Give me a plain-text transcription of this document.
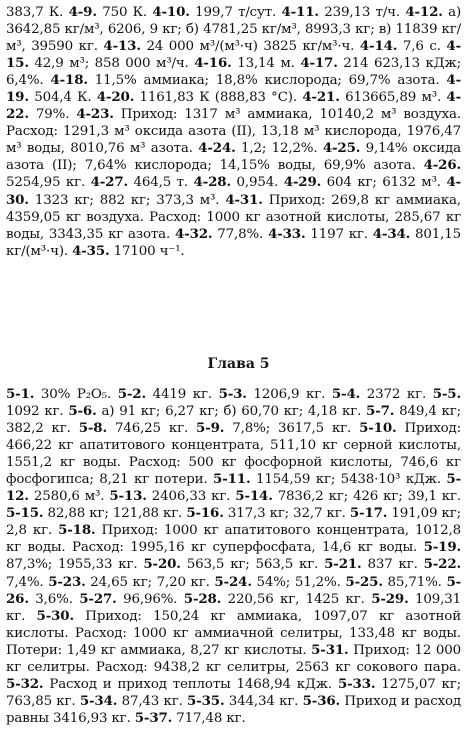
383,7 К. 4-9. 750 К. 4-10. 199,7 т/сут. 4-11. 239,13 т/ч. 4-12. а) 3642,85 кг/м³, 6206, 9 кг; б) 4781,25 кг/м³, 8993,3 кг; в) 11839 кг/м³, 39590 кг. 4-13. 24 000 м³/(м³·ч) 3825 кг/м³·ч. 4-14. 7,6 с. 4-15. 42,9 м³; 858 000 м³/ч. 4-16. 13,14 м. 4-17. 214 623,13 кДж; 6,4%. 4-18. 11,5% аммиака; 18,8% кислорода; 69,7% азота. 4-19. 504,4 К. 4-20. 1161,83 К (888,83 °С). 4-21. 613665,89 м³. 4-22. 79%. 4-23. Приход: 1317 м³ аммиака, 10140,2 м³ воздуха. Расход: 1291,3 м³ оксида азота (II), 13,18 м³ кислорода, 1976,47 м³ воды, 8010,76 м³ азота. 4-24. 1,2; 12,2%. 4-25. 9,14% оксида азота (II); 7,64% кислорода; 14,15% воды, 69,9% азота. 4-26. 5254,95 кг. 4-27. 464,5 т. 4-28. 0,954. 4-29. 604 кг; 6132 м³. 4-30. 1323 кг; 882 кг; 373,3 м³. 4-31. Приход: 269,8 кг аммиака, 4359,05 кг воздуха. Расход: 1000 кг азотной кислоты, 285,67 кг воды, 3343,35 кг азота. 4-32. 77,8%. 4-33. 1197 кг. 4-34. 801,15 кг/(м³·ч). 4-35. 17100 ч⁻¹.

Глава 5

5-1. 30% P₂O₅. 5-2. 4419 кг. 5-3. 1206,9 кг. 5-4. 2372 кг. 5-5. 1092 кг. 5-6. а) 91 кг; 6,27 кг; б) 60,70 кг; 4,18 кг. 5-7. 849,4 кг; 382,2 кг. 5-8. 746,25 кг. 5-9. 7,8%; 3617,5 кг. 5-10. Приход: 466,22 кг апатитового концентрата, 511,10 кг серной кислоты, 1551,2 кг воды. Расход: 500 кг фосфорной кислоты, 746,6 кг фосфогипса; 8,21 кг потери. 5-11. 1154,59 кг; 5438·10³ кДж. 5-12. 2580,6 м³. 5-13. 2406,33 кг. 5-14. 7836,2 кг; 426 кг; 39,1 кг. 5-15. 82,88 кг; 121,88 кг. 5-16. 317,3 кг; 32,7 кг. 5-17. 191,09 кг; 2,8 кг. 5-18. Приход: 1000 кг апатитового концентрата, 1012,8 кг воды. Расход: 1995,16 кг суперфосфата, 14,6 кг воды. 5-19. 87,3%; 1955,33 кг. 5-20. 563,5 кг; 563,5 кг. 5-21. 837 кг. 5-22. 7,4%. 5-23. 24,65 кг; 7,20 кг. 5-24. 54%; 51,2%. 5-25. 85,71%. 5-26. 3,6%. 5-27. 96,96%. 5-28. 220,56 кг, 1425 кг. 5-29. 109,31 кг. 5-30. Приход: 150,24 кг аммиака, 1097,07 кг азотной кислоты. Расход: 1000 кг аммиачной селитры, 133,48 кг воды. Потери: 1,49 кг аммиака, 8,27 кг кислоты. 5-31. Приход: 12 000 кг селитры. Расход: 9438,2 кг селитры, 2563 кг сокового пара. 5-32. Расход и приход теплоты 1468,94 кДж. 5-33. 1275,07 кг; 763,85 кг. 5-34. 87,43 кг. 5-35. 344,34 кг. 5-36. Приход и расход равны 3416,93 кг. 5-37. 717,48 кг.
